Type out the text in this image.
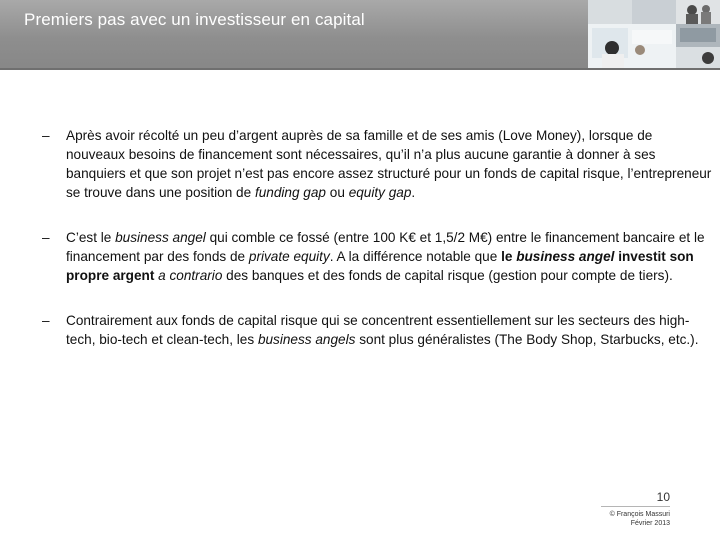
Premiers pas avec un investisseur en capital
– Après avoir récolté un peu d’argent auprès de sa famille et de ses amis (Love Money), lorsque de nouveaux besoins de financement sont nécessaires, qu’il n’a plus aucune garantie à donner à ses banquiers et que son projet n’est pas encore assez structuré pour un fonds de capital risque, l’entrepreneur se trouve dans une position de funding gap ou equity gap.
– C’est le business angel qui comble ce fossé (entre 100 K€ et 1,5/2 M€) entre le financement bancaire et le financement par des fonds de private equity. A la différence notable que le business angel investit son propre argent a contrario des banques et des fonds de capital risque (gestion pour compte de tiers).
– Contrairement aux fonds de capital risque qui se concentrent essentiellement sur les secteurs des high-tech, bio-tech et clean-tech, les business angels sont plus généralistes (The Body Shop, Starbucks, etc.).
10
© François Massuri
Février 2013
